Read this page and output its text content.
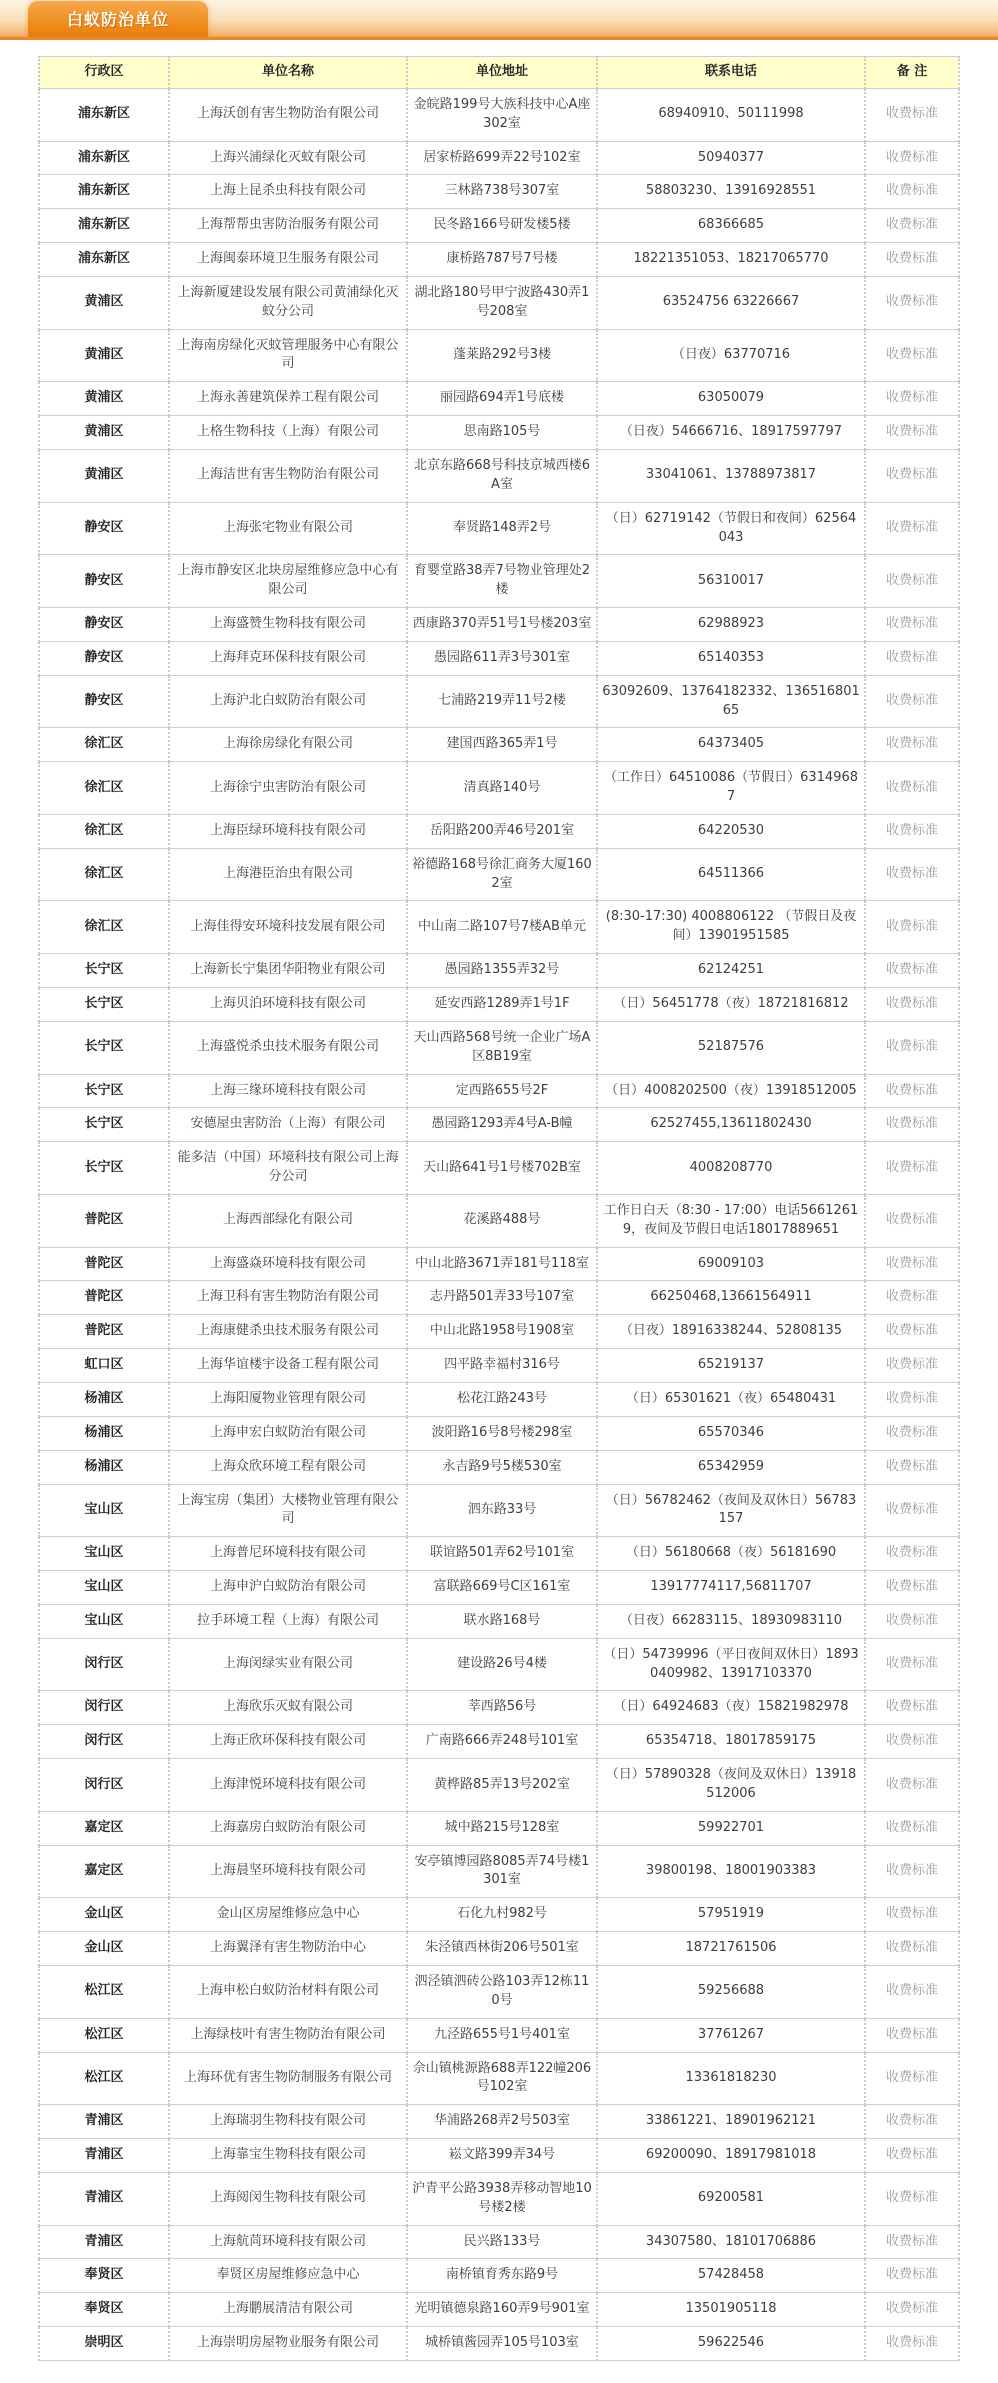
白蚁防治单位
行政区	单位名称	单位地址	联系电话	备 注
浦东新区	上海沃创有害生物防治有限公司	金皖路199号大族科技中心A座302室	68940910、50111998	收费标准
浦东新区	上海兴浦绿化灭蚊有限公司	居家桥路699弄22号102室	50940377	收费标准
浦东新区	上海上昆杀虫科技有限公司	三林路738号307室	58803230、13916928551	收费标准
浦东新区	上海帮帮虫害防治服务有限公司	民冬路166号研发楼5楼	68366685	收费标准
浦东新区	上海闽泰环境卫生服务有限公司	康桥路787号7号楼	18221351053、18217065770	收费标准
黄浦区	上海新厦建设发展有限公司黄浦绿化灭蚊分公司	湖北路180号甲宁波路430弄1号208室	63524756 63226667	收费标准
黄浦区	上海南房绿化灭蚊管理服务中心有限公司	蓬莱路292号3楼	（日夜）63770716	收费标准
黄浦区	上海永善建筑保养工程有限公司	丽园路694弄1号底楼	63050079	收费标准
黄浦区	上格生物科技（上海）有限公司	思南路105号	（日夜）54666716、18917597797	收费标准
黄浦区	上海洁世有害生物防治有限公司	北京东路668号科技京城西楼6A室	33041061、13788973817	收费标准
静安区	上海张宅物业有限公司	奉贤路148弄2号	（日）62719142（节假日和夜间）62564043	收费标准
静安区	上海市静安区北块房屋维修应急中心有限公司	育婴堂路38弄7号物业管理处2楼	56310017	收费标准
静安区	上海盛赞生物科技有限公司	西康路370弄51号1号楼203室	62988923	收费标准
静安区	上海拜克环保科技有限公司	愚园路611弄3号301室	65140353	收费标准
静安区	上海沪北白蚁防治有限公司	七浦路219弄11号2楼	63092609、13764182332、13651680165	收费标准
徐汇区	上海徐房绿化有限公司	建国西路365弄1号	64373405	收费标准
徐汇区	上海徐宁虫害防治有限公司	清真路140号	（工作日）64510086（节假日）63149687	收费标准
徐汇区	上海臣绿环境科技有限公司	岳阳路200弄46号201室	64220530	收费标准
徐汇区	上海港臣治虫有限公司	裕德路168号徐汇商务大厦1602室	64511366	收费标准
徐汇区	上海佳得安环境科技发展有限公司	中山南二路107号7楼AB单元	(8:30-17:30) 4008806122 （节假日及夜间）13901951585	收费标准
长宁区	上海新长宁集团华阳物业有限公司	愚园路1355弄32号	62124251	收费标准
长宁区	上海贝泊环境科技有限公司	延安西路1289弄1号1F	（日）56451778（夜）18721816812	收费标准
长宁区	上海盛悦杀虫技术服务有限公司	天山西路568号统一企业广场A区8B19室	52187576	收费标准
长宁区	上海三缘环境科技有限公司	定西路655号2F	（日）4008202500（夜）13918512005	收费标准
长宁区	安德屋虫害防治（上海）有限公司	愚园路1293弄4号A-B幢	62527455,13611802430	收费标准
长宁区	能多洁（中国）环境科技有限公司上海分公司	天山路641号1号楼702B室	4008208770	收费标准
普陀区	上海西部绿化有限公司	花溪路488号	工作日白天（8:30 - 17:00）电话56612619，夜间及节假日电话18017889651	收费标准
普陀区	上海盛焱环境科技有限公司	中山北路3671弄181号118室	69009103	收费标准
普陀区	上海卫科有害生物防治有限公司	志丹路501弄33号107室	66250468,13661564911	收费标准
普陀区	上海康健杀虫技术服务有限公司	中山北路1958号1908室	（日夜）18916338244、52808135	收费标准
虹口区	上海华谊楼宇设备工程有限公司	四平路幸福村316号	65219137	收费标准
杨浦区	上海阳厦物业管理有限公司	松花江路243号	（日）65301621（夜）65480431	收费标准
杨浦区	上海申宏白蚁防治有限公司	波阳路16号8号楼298室	65570346	收费标准
杨浦区	上海众欣环境工程有限公司	永吉路9号5楼530室	65342959	收费标准
宝山区	上海宝房（集团）大楼物业管理有限公司	泗东路33号	（日）56782462（夜间及双休日）56783157	收费标准
宝山区	上海普尼环境科技有限公司	联谊路501弄62号101室	（日）56180668（夜）56181690	收费标准
宝山区	上海申沪白蚁防治有限公司	富联路669号C区161室	13917774117,56811707	收费标准
宝山区	拉手环境工程（上海）有限公司	联水路168号	（日夜）66283115、18930983110	收费标准
闵行区	上海闵绿实业有限公司	建设路26号4楼	（日）54739996（平日夜间双休日）18930409982、13917103370	收费标准
闵行区	上海欣乐灭蚁有限公司	莘西路56号	（日）64924683（夜）15821982978	收费标准
闵行区	上海正欣环保科技有限公司	广南路666弄248号101室	65354718、18017859175	收费标准
闵行区	上海津悦环境科技有限公司	黄桦路85弄13号202室	（日）57890328（夜间及双休日）13918512006	收费标准
嘉定区	上海嘉房白蚁防治有限公司	城中路215号128室	59922701	收费标准
嘉定区	上海晨坚环境科技有限公司	安亭镇博园路8085弄74号楼1301室	39800198、18001903383	收费标准
金山区	金山区房屋维修应急中心	石化九村982号	57951919	收费标准
金山区	上海翼泽有害生物防治中心	朱泾镇西林街206号501室	18721761506	收费标准
松江区	上海申松白蚁防治材料有限公司	泗泾镇泗砖公路103弄12栋110号	59256688	收费标准
松江区	上海绿枝叶有害生物防治有限公司	九泾路655号1号401室	37761267	收费标准
松江区	上海环优有害生物防制服务有限公司	佘山镇桃源路688弄122幢206号102室	13361818230	收费标准
青浦区	上海瑞羽生物科技有限公司	华浦路268弄2号503室	33861221、18901962121	收费标准
青浦区	上海靠宝生物科技有限公司	崧文路399弄34号	69200090、18917981018	收费标准
青浦区	上海阅闵生物科技有限公司	沪青平公路3938弄移动智地10号楼2楼	69200581	收费标准
青浦区	上海航苘环境科技有限公司	民兴路133号	34307580、18101706886	收费标准
奉贤区	奉贤区房屋维修应急中心	南桥镇育秀东路9号	57428458	收费标准
奉贤区	上海鹏展清洁有限公司	光明镇德泉路160弄9号901室	13501905118	收费标准
崇明区	上海崇明房屋物业服务有限公司	城桥镇酱园弄105号103室	59622546	收费标准
